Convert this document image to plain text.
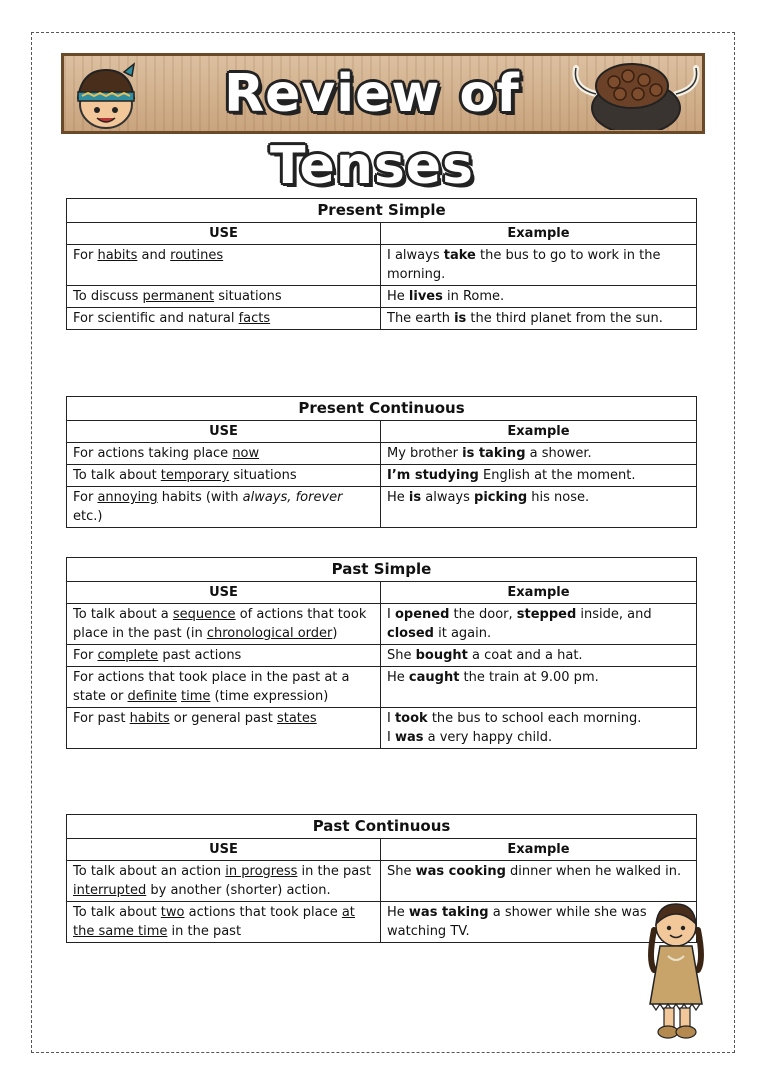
Review of Tenses
Present Simple	
USE	Example
For habits and routines	I always take the bus to go to work in the morning.
To discuss permanent situations	He lives in Rome.
For scientific and natural facts	The earth is the third planet from the sun.
Present Continuous	
USE	Example
For actions taking place now	My brother is taking a shower.
To talk about temporary situations	I’m studying English at the moment.
For annoying habits (with always, forever etc.)	He is always picking his nose.
Past Simple	
USE	Example
To talk about a sequence of actions that took place in the past (in chronological order)	I opened the door, stepped inside, and closed it again.
For complete past actions	She bought a coat and a hat.
For actions that took place in the past at a state or definite time (time expression)	He caught the train at 9.00 pm.
For past habits or general past states	I took the bus to school each morning.
I was a very happy child.
Past Continuous	
USE	Example
To talk about an action in progress in the past interrupted by another (shorter) action.	She was cooking dinner when he walked in.
To talk about two actions that took place at the same time in the past	He was taking a shower while she was watching TV.
